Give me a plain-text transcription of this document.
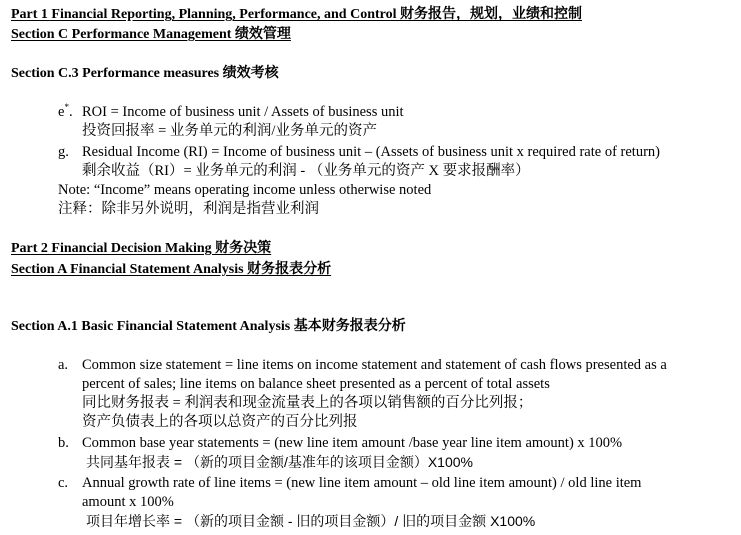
Part 1 Financial Reporting, Planning, Performance, and Control 财务报告，规划，业绩和控制
Section C Performance Management 绩效管理
Section C.3 Performance measures 绩效考核
e*. ROI = Income of business unit / Assets of business unit
投资回报率 = 业务单元的利润/业务单元的资产
g. Residual Income (RI) = Income of business unit – (Assets of business unit x required rate of return)
剩余收益（RI）= 业务单元的利润 - （业务单元的资产 X 要求报酬率）
Note: “Income” means operating income unless otherwise noted
注释：除非另外说明，利润是指营业利润
Part 2 Financial Decision Making 财务决策
Section A Financial Statement Analysis 财务报表分析
Section A.1 Basic Financial Statement Analysis 基本财务报表分析
a. Common size statement = line items on income statement and statement of cash flows presented as a
percent of sales; line items on balance sheet presented as a percent of total assets
同比财务报表 = 利润表和现金流量表上的各项以销售额的百分比列报；
资产负债表上的各项以总资产的百分比列报
b. Common base year statements = (new line item amount /base year line item amount) x 100%
共同基年报表 = （新的项目金额/基准年的该项目金额）X100%
c. Annual growth rate of line items = (new line item amount – old line item amount) / old line item
amount x 100%
项目年增长率 = （新的项目金额 - 旧的项目金额）/ 旧的项目金额 X100%
